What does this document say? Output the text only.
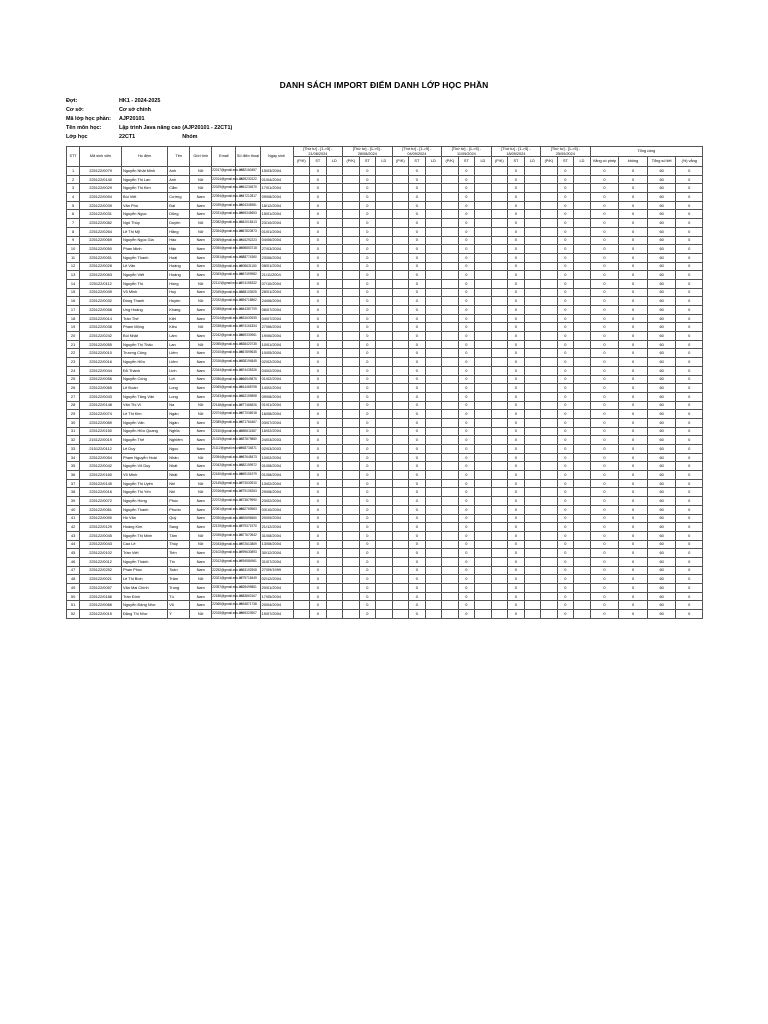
DANH SÁCH IMPORT ĐIỂM DANH LỚP HỌC PHẦN
Đợt:	HK1 - 2024-2025
Cơ sở:	Cơ sở chính
Mã lớp học phần:	AJP20101
Tên môn học:	Lập trình Java nâng cao (AJP20101 - 22CT1)
Lớp học	22CT1	Nhóm
STT	Mã sinh viên	Họ đệm	Tên	Giới tính	Email	Số điện thoại	Ngày sinh	[Thứ tư] - [1->5] - 21/08/2024			[Thứ tư] - [1->5] - 28/08/2024			[Thứ tư] - [1->5] - 04/09/2024			[Thứ tư] - [1->5] - 11/09/2024			[Thứ tư] - [1->5] - 18/09/2024			[Thứ tư] - [1->5] - 25/09/2024			Tổng cộng			
								(P/K)	ST	LD	(P/K)	ST	LD	(P/K)	ST	LD	(P/K)	ST	LD	(P/K)	ST	LD	(P/K)	ST	LD	Vắng có phép	không	Tổng số tiết	(%) vắng
1	225122/0079	Nguyễn Nhật Minh	Anh	Nữ	22017@gmail.edu.vn	0982160457	15/03/2004		0			0			0			0			0			0		0	0	60	0
2	225122/0140	Nguyễn Thị Lan	Anh	Nữ	22014@gmail.edu.vn	0839230122	01/04/2004		0			0			0			0			0			0		0	0	60	0
3	225122/0029	Nguyễn Thị Kim	Cẩm	Nữ	22029@gmail.edu.vn	0961234570	17/01/2004		0			0			0			0			0			0		0	0	60	0
4	225122/0094	Bùi Viết	Cường	Nam	22094@gmail.edu.vn	0947212817	09/08/2004		0			0			0			0			0			0		0	0	60	0
5	225122/0039	Văn Phú	Đại	Nam	22039@gmail.edu.vn	0924345981	18/12/2004		0			0			0			0			0			0		0	0	60	0
6	225122/0031	Nguyễn Ngọc	Dũng	Nam	22031@gmail.edu.vn	0969345653	15/01/2004		0			0			0			0			0			0		0	0	60	0
7	225122/0082	Ngô Thùy	Duyên	Nữ	22082@gmail.edu.vn	0342018413	23/10/2004		0			0			0			0			0			0		0	0	60	0
8	225122/0264	Lê Thị Mỹ	Hằng	Nữ	22264@gmail.edu.vn	0867820873	01/01/2004		0			0			0			0			0			0		0	0	60	0
9	225122/0069	Nguyễn Ngọc Gia	Hào	Nam	22069@gmail.edu.vn	0916292223	04/06/2004		0			0			0			0			0			0		0	0	60	0
10	225122/0050	Phan Minh	Hậu	Nam	22050@gmail.edu.vn	0398853718	27/03/2004		0			0			0			0			0			0		0	0	60	0
11	225122/0051	Nguyễn Thanh	Hoài	Nam	22051@gmail.edu.vn	0388774360	23/06/2004		0			0			0			0			0			0		0	0	60	0
12	225122/0028	Lê Văn	Hoàng	Nam	22028@gmail.edu.vn	0905631150	08/01/2004		0			0			0			0			0			0		0	0	60	0
13	225122/0063	Nguyễn Viết	Hoàng	Nam	22063@gmail.edu.vn	0867499982	21/11/2004		0			0			0			0			0			0		0	0	60	0
14	225122/0112	Nguyễn Thị	Hồng	Nữ	22112@gmail.edu.vn	0374155332	07/10/2004		0			0			0			0			0			0		0	0	60	0
15	225122/0049	Võ Minh	Huy	Nam	22049@gmail.edu.vn	0388103925	28/01/2004		0			0			0			0			0			0		0	0	60	0
16	225122/0032	Đồng Thanh	Huyền	Nữ	22032@gmail.edu.vn	0394718862	24/08/2004		0			0			0			0			0			0		0	0	60	0
17	225122/0058	Ung Hoàng	Khang	Nam	22058@gmail.edu.vn	0344387709	08/07/2004		0			0			0			0			0			0		0	0	60	0
18	225122/0014	Trần Thế	Kiệt	Nam	22014@gmail.edu.vn	0931630939	04/07/2004		0			0			0			0			0			0		0	0	60	0
19	225122/0038	Phạm Mộng	Kiều	Nữ	22038@gmail.edu.vn	0974161834	27/06/2004		0			0			0			0			0			0		0	0	60	0
20	225122/0242	Bùi Nhật	Lâm	Nam	22242@gmail.edu.vn	0869330961	19/06/2004		0			0			0			0			0			0		0	0	60	0
21	225122/0055	Nguyễn Thị Thảo	Lan	Nữ	22055@gmail.edu.vn	0338420735	10/01/2004		0			0			0			0			0			0		0	0	60	0
22	225122/0010	Trương Công	Liêm	Nam	22010@gmail.edu.vn	0867899635	10/05/2004		0			0			0			0			0			0		0	0	60	0
23	225122/0016	Nguyễn Hữu	Liêm	Nam	22016@gmail.edu.vn	0338194845	02/02/2004		0			0			0			0			0			0		0	0	60	0
24	225122/0044	Đỗ Thành	Linh	Nam	22044@gmail.edu.vn	0374435326	04/02/2004		0			0			0			0			0			0		0	0	60	0
25	225122/0056	Nguyễn Công	Lợi	Nam	22056@gmail.edu.vn	0866549875	01/02/2004		0			0			0			0			0			0		0	0	60	0
26	225122/0065	Lê Đoàn	Long	Nam	22065@gmail.edu.vn	0914468798	14/02/2004		0			0			0			0			0			0		0	0	60	0
27	225122/0043	Nguyễn Tăng Văn	Long	Nam	22043@gmail.edu.vn	0362159898	09/08/2004		0			0			0			0			0			0		0	0	60	0
28	225122/0148	Văn Thị Vi	Na	Nữ	22148@gmail.edu.vn	0777466526	01/01/2004		0			0			0			0			0			0		0	0	60	0
29	225122/0074	Lê Thị Kim	Ngân	Nữ	22074@gmail.edu.vn	0977036918	16/08/2004		0			0			0			0			0			0		0	0	60	0
30	225122/0089	Nguyễn Văn	Ngân	Nam	22089@gmail.edu.vn	0971764467	03/07/2004		0			0			0			0			0			0		0	0	60	0
31	225122/0150	Nguyễn Hữu Quang	Nghĩa	Nam	22150@gmail.edu.vn	0389611587	16/02/2004		0			0			0			0			0			0		0	0	60	0
32	215122/0019	Nguyễn Thế	Nghiêm	Nam	21019@gmail.edu.vn	0337879880	24/03/2003		0			0			0			0			0			0		0	0	60	0
33	215122/0112	Lê Duy	Ngọc	Nam	21112@gmail.edu.vn	0968734871	02/03/2003		0			0			0			0			0			0		0	0	60	0
34	225122/0054	Phạm Nguyễn Hoài	Nhân	Nữ	22054@gmail.edu.vn	0967648473	10/02/2004		0			0			0			0			0			0		0	0	60	0
35	225122/0042	Nguyễn Võ Duy	Nhất	Nam	22042@gmail.edu.vn	0382159972	01/08/2004		0			0			0			0			0			0		0	0	60	0
36	225122/0160	Võ Minh	Nhật	Nam	22160@gmail.edu.vn	0869151979	01/08/2004		0			0			0			0			0			0		0	0	60	0
37	225122/0145	Nguyễn Thị Uyên	Nhi	Nữ	22145@gmail.edu.vn	0772630910	13/02/2004		0			0			0			0			0			0		0	0	60	0
38	225122/0016	Nguyễn Thị Yến	Nhi	Nữ	22016@gmail.edu.vn	0779105263	29/08/2004		0			0			0			0			0			0		0	0	60	0
39	225122/0072	Nguyễn Hồng	Phúc	Nam	22072@gmail.edu.vn	0773879990	23/02/2004		0			0			0			0			0			0		0	0	60	0
40	225122/0061	Nguyễn Thanh	Phước	Nam	22061@gmail.edu.vn	0862769963	03/10/2004		0			0			0			0			0			0		0	0	60	0
41	225122/0090	Hồ Văn	Quý	Nam	22090@gmail.edu.vn	0392696560	20/09/2004		0			0			0			0			0			0		0	0	60	0
42	225122/0129	Hoàng Kim	Sang	Nam	22129@gmail.edu.vn	0779371970	21/12/2004		0			0			0			0			0			0		0	0	60	0
43	225122/0045	Nguyễn Thị Minh	Tâm	Nữ	22045@gmail.edu.vn	0377670542	31/08/2004		0			0			0			0			0			0		0	0	60	0
44	225122/0043	Cao Lê	Thùy	Nữ	22043@gmail.edu.vn	0972613869	13/08/2004		0			0			0			0			0			0		0	0	60	0
45	225122/0102	Trần Viết	Tiến	Nam	22102@gmail.edu.vn	0799630893	30/12/2004		0			0			0			0			0			0		0	0	60	0
46	225122/0012	Nguyễn Thành	Tín	Nam	22012@gmail.edu.vn	0794584961	31/07/2004		0			0			0			0			0			0		0	0	60	0
47	225122/0252	Phan Phúc	Toàn	Nam	22252@gmail.edu.vn	0363192508	27/09/1999		0			0			0			0			0			0		0	0	60	0
48	225122/0021	Lê Thị Bích	Trâm	Nữ	22021@gmail.edu.vn	0779718449	02/12/2004		0			0			0			0			0			0		0	0	60	0
49	225122/0057	Văn Mai Chính	Trung	Nam	22057@gmail.edu.vn	0328499851	20/01/2004		0			0			0			0			0			0		0	0	60	0
50	225122/0186	Trần Đình	Tú	Nam	22186@gmail.edu.vn	0383863167	17/05/2004		0			0			0			0			0			0		0	0	60	0
51	225122/0066	Nguyễn Đặng Như	Vũ	Nam	22066@gmail.edu.vn	0934871738	20/04/2004		0			0			0			0			0			0		0	0	60	0
52	225122/0015	Đặng Thị Như	Ý	Nữ	22015@gmail.edu.vn	0969323907	19/07/2004		0			0			0			0			0			0		0	0	60	0
